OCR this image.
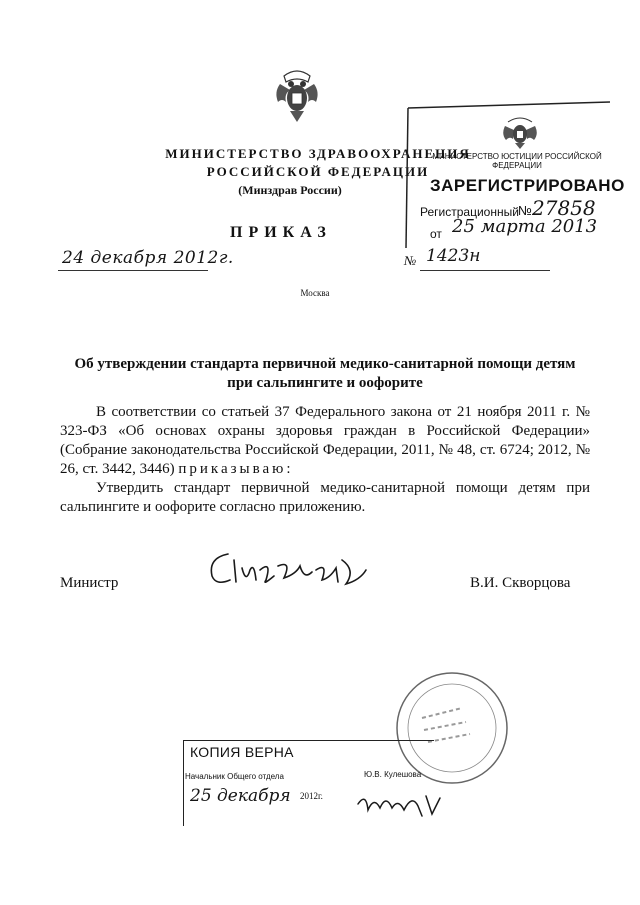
МИНИСТЕРСТВО ЗДРАВООХРАНЕНИЯ
РОССИЙСКОЙ ФЕДЕРАЦИИ
(Минздрав России)
ПРИКАЗ
24 декабря 2012г.	№ 1423н
Москва
МИНИСТЕРСТВО ЮСТИЦИИ РОССИЙСКОЙ ФЕДЕРАЦИИ
ЗАРЕГИСТРИРОВАНО
Регистрационный № 27858
от 25 марта 2013
Об утверждении стандарта первичной медико-санитарной помощи детям при сальпингите и оофорите

В соответствии со статьей 37 Федерального закона от 21 ноября 2011 г. № 323-ФЗ «Об основах охраны здоровья граждан в Российской Федерации» (Собрание законодательства Российской Федерации, 2011, № 48, ст. 6724; 2012, № 26, ст. 3442, 3446) приказываю:

Утвердить стандарт первичной медико-санитарной помощи детям при сальпингите и оофорите согласно приложению.

Министр	В.И. Скворцова
КОПИЯ ВЕРНА
Начальник Общего отдела	Ю.В. Кулешова
25 декабря 2012г.
